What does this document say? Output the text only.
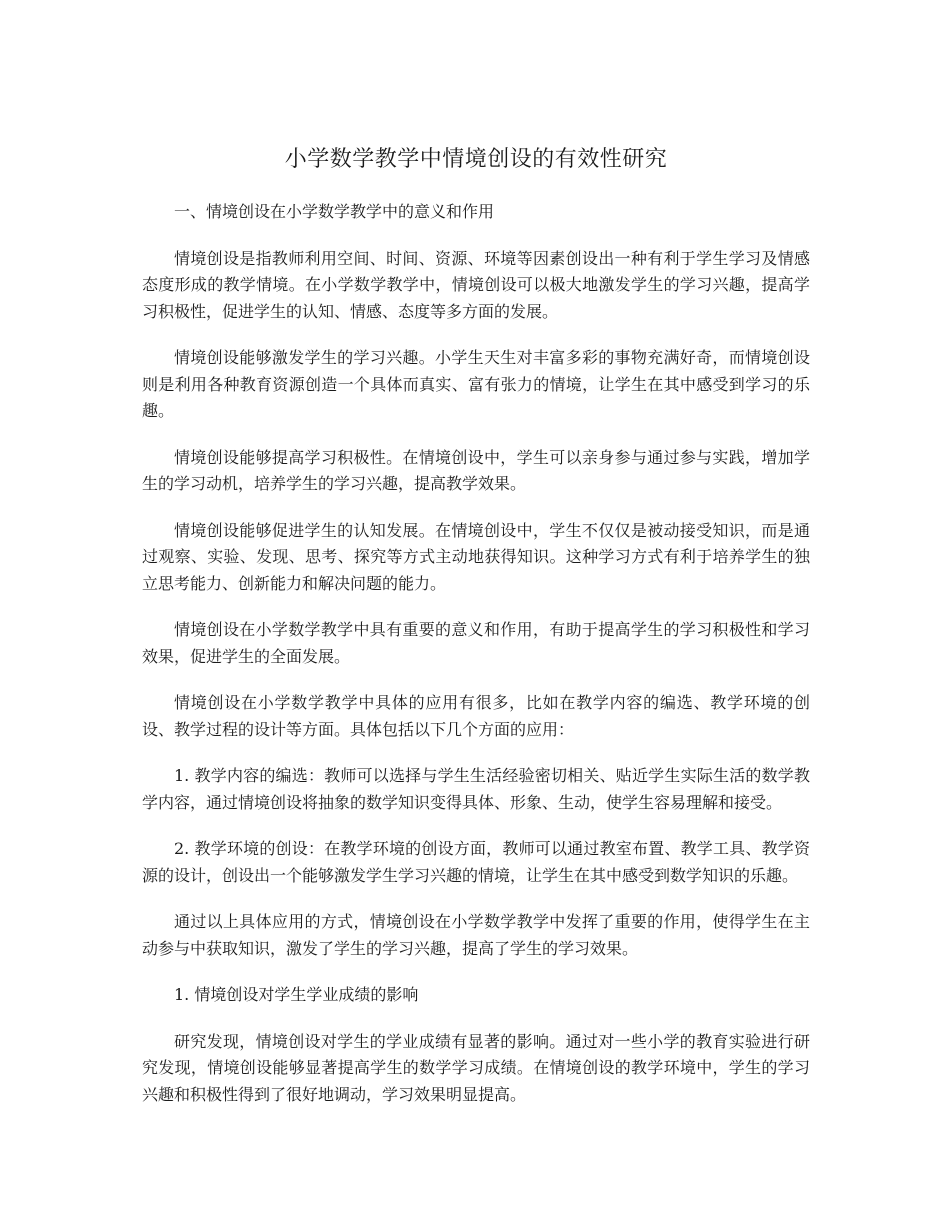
小学数学教学中情境创设的有效性研究

一、情境创设在小学数学教学中的意义和作用

情境创设是指教师利用空间、时间、资源、环境等因素创设出一种有利于学生学习及情感态度形成的教学情境。在小学数学教学中，情境创设可以极大地激发学生的学习兴趣，提高学习积极性，促进学生的认知、情感、态度等多方面的发展。

情境创设能够激发学生的学习兴趣。小学生天生对丰富多彩的事物充满好奇，而情境创设则是利用各种教育资源创造一个具体而真实、富有张力的情境，让学生在其中感受到学习的乐趣。

情境创设能够提高学习积极性。在情境创设中，学生可以亲身参与通过参与实践，增加学生的学习动机，培养学生的学习兴趣，提高教学效果。

情境创设能够促进学生的认知发展。在情境创设中，学生不仅仅是被动接受知识，而是通过观察、实验、发现、思考、探究等方式主动地获得知识。这种学习方式有利于培养学生的独立思考能力、创新能力和解决问题的能力。

情境创设在小学数学教学中具有重要的意义和作用，有助于提高学生的学习积极性和学习效果，促进学生的全面发展。

情境创设在小学数学教学中具体的应用有很多，比如在教学内容的编选、教学环境的创设、教学过程的设计等方面。具体包括以下几个方面的应用：

1. 教学内容的编选：教师可以选择与学生生活经验密切相关、贴近学生实际生活的数学教学内容，通过情境创设将抽象的数学知识变得具体、形象、生动，使学生容易理解和接受。

2. 教学环境的创设：在教学环境的创设方面，教师可以通过教室布置、教学工具、教学资源的设计，创设出一个能够激发学生学习兴趣的情境，让学生在其中感受到数学知识的乐趣。

通过以上具体应用的方式，情境创设在小学数学教学中发挥了重要的作用，使得学生在主动参与中获取知识，激发了学生的学习兴趣，提高了学生的学习效果。

1. 情境创设对学生学业成绩的影响

研究发现，情境创设对学生的学业成绩有显著的影响。通过对一些小学的教育实验进行研究发现，情境创设能够显著提高学生的数学学习成绩。在情境创设的教学环境中，学生的学习兴趣和积极性得到了很好地调动，学习效果明显提高。
